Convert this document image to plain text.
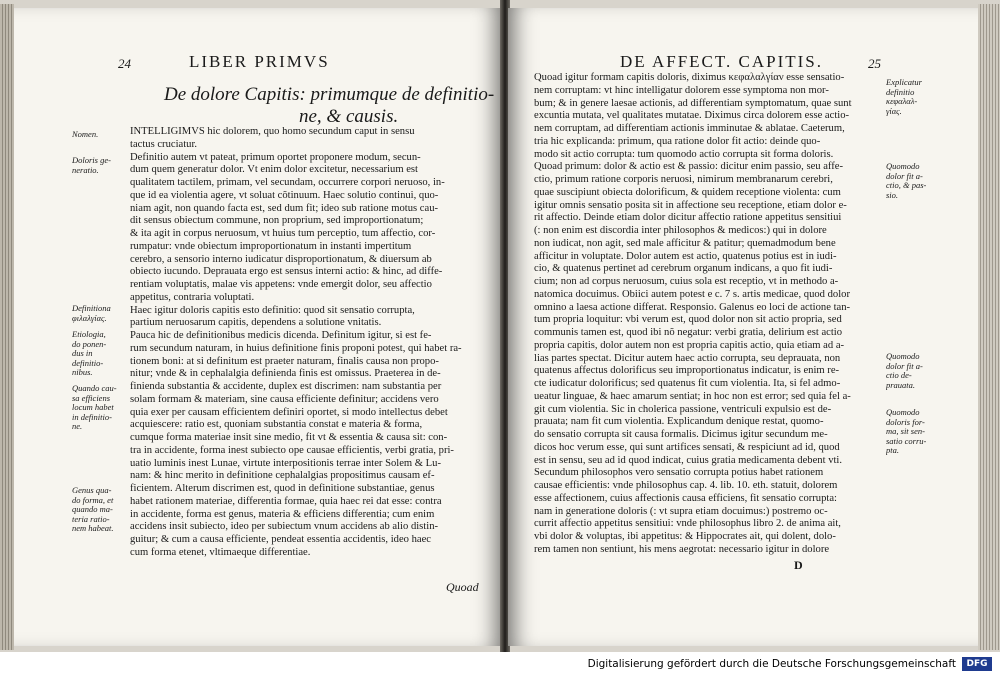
24	LIBER PRIMVS
De dolore Capitis: primumque de definitio-
ne, & causis.
Nomen.
Doloris ge-
neratio.
Definitiona
φιλαλγίας.
Etiologia,
do ponen-
dus in
definitio-
nibus.
Quando cau-
sa efficiens
locum habet
in definitio-
ne.
Genus qua-
do forma, et
quando ma-
teria ratio-
nem habeat.
INTELLIGIMVS hic dolorem, quo homo secundum caput in sensu
tactus cruciatur.
Definitio autem vt pateat, primum oportet proponere modum, secun-
dum quem generatur dolor. Vt enim dolor excitetur, necessarium est
qualitatem tactilem, primam, vel secundam, occurrere corpori neruoso, in-
que id ea violentia agere, vt soluat cõtinuum. Haec solutio continui, quo-
niam agit, non quando facta est, sed dum fit; ideo sub ratione motus cau-
dit sensus obiectum commune, non proprium, sed improportionatum;
& ita agit in corpus neruosum, vt huius tum perceptio, tum affectio, cor-
rumpatur: vnde obiectum improportionatum in instanti impertitum
cerebro, a sensorio interno iudicatur disproportionatum, & diuersum ab
obiecto iucundo. Deprauata ergo est sensus interni actio: & hinc, ad diffe-
rentiam voluptatis, malae vis appetens: vnde emergit dolor, seu affectio
appetitus, contraria voluptati.
Haec igitur doloris capitis esto definitio: quod sit sensatio corrupta,
partium neruosarum capitis, dependens a solutione vnitatis.
Pauca hic de definitionibus medicis dicenda. Definitum igitur, si est fe-
rum secundum naturam, in huius definitione finis proponi potest, qui habet ra-
tionem boni: at si definitum est praeter naturam, finalis causa non propo-
nitur; vnde & in cephalalgia definienda finis est omissus. Praeterea in de-
finienda substantia & accidente, duplex est discrimen: nam substantia per
solam formam & materiam, sine causa efficiente definitur; accidens vero
quia exer per causam efficientem definiri oportet, si modo intellectus debet
acquiescere: ratio est, quoniam substantia constat e materia & forma,
cumque forma materiae insit sine medio, fit vt & essentia & causa sit: con-
tra in accidente, forma inest subiecto ope causae efficientis, verbi gratia, pri-
uatio luminis inest Lunae, virtute interpositionis terrae inter Solem & Lu-
nam: & hinc merito in definitione cephalalgias propositimus causam ef-
ficientem. Alterum discrimen est, quod in definitione substantiae, genus
habet rationem materiae, differentia formae, quia haec rei dat esse: contra
in accidente, forma est genus, materia & efficiens differentia; cum enim
accidens insit subiecto, ideo per subiectum vnum accidens ab alio distin-
guitur; & cum a causa efficiente, pendeat essentia accidentis, ideo haec
cum forma etenet, vltimaeque differentiae.
Quoad
DE AFFECT. CAPITIS.	25
Quoad igitur formam capitis doloris, diximus κεφαλαλγίαν esse sensatio-
nem corruptam: vt hinc intelligatur dolorem esse symptoma non mor-
bum; & in genere laesae actionis, ad differentiam symptomatum, quae sunt
excuntia mutata, vel qualitates mutatae. Diximus circa dolorem esse actio-
nem corruptam, ad differentiam actionis imminutae & ablatae. Caeterum,
tria hic explicanda: primum, qua ratione dolor fit actio: deinde quo-
modo sit actio corrupta: tum quomodo actio corrupta sit forma doloris.
Quoad primum: dolor & actio est & passio: dicitur enim passio, seu affe-
ctio, primum ratione corporis neruosi, nimirum membranarum cerebri,
quae suscipiunt obiecta dolorificum, & quidem receptione violenta: cum
igitur omnis sensatio posita sit in affectione seu receptione, etiam dolor e-
rit affectio. Deinde etiam dolor dicitur affectio ratione appetitus sensitiui
(: non enim est discordia inter philosophos & medicos:) qui in dolore
non iudicat, non agit, sed male afficitur & patitur; quemadmodum bene
afficitur in voluptate. Dolor autem est actio, quatenus potius est in iudi-
cio, & quatenus pertinet ad cerebrum organum indicans, a quo fit iudi-
cium; non ad corpus neruosum, cuius sola est receptio, vt in methodo a-
natomica docuimus. Obiici autem potest e c. 7 s. artis medicae, quod dolor
omnino a laesa actione differat. Responsio. Galenus eo loci de actione tan-
tum propria loquitur: vbi verum est, quod dolor non sit actio propria, sed
communis tamen est, quod ibi nõ negatur: verbi gratia, delirium est actio
propria capitis, dolor autem non est propria capitis actio, quia etiam ad a-
lias partes spectat. Dicitur autem haec actio corrupta, seu deprauata, non
quatenus affectus dolorificus seu improportionatus indicatur, is enim re-
cte iudicatur dolorificus; sed quatenus fit cum violentia. Ita, si fel admo-
ueatur linguae, & haec amarum sentiat; in hoc non est error; sed quia fel a-
git cum violentia. Sic in cholerica passione, ventriculi expulsio est de-
prauata; nam fit cum violentia. Explicandum denique restat, quomo-
do sensatio corrupta sit causa formalis. Dicimus igitur secundum me-
dicos hoc verum esse, qui sunt artifices sensati, & respiciunt ad id, quod
est in sensu, seu ad id quod indicat, cuius gratia medicamenta debent vti.
Secundum philosophos vero sensatio corrupta potius habet rationem
causae efficientis: vnde philosophus cap. 4. lib. 10. eth. statuit, dolorem
esse affectionem, cuius affectionis causa efficiens, fit sensatio corrupta:
nam in generatione doloris (: vt supra etiam docuimus:) postremo oc-
currit affectio appetitus sensitiui: vnde philosophus libro 2. de anima ait,
vbi dolor & voluptas, ibi appetitus: & Hippocrates ait, qui dolent, dolo-
rem tamen non sentiunt, his mens aegrotat: necessario igitur in dolore
Explicatur
definitio
κεφαλαλ-
γίας.
Quomodo
dolor fit a-
ctio, & pas-
sio.
Quomodo
dolor fit a-
ctio de-
prauata.
Quomodo
doloris for-
ma, sit sen-
satio corru-
pta.
D
Digitalisierung gefördert durch die Deutsche Forschungsgemeinschaft	DFG
